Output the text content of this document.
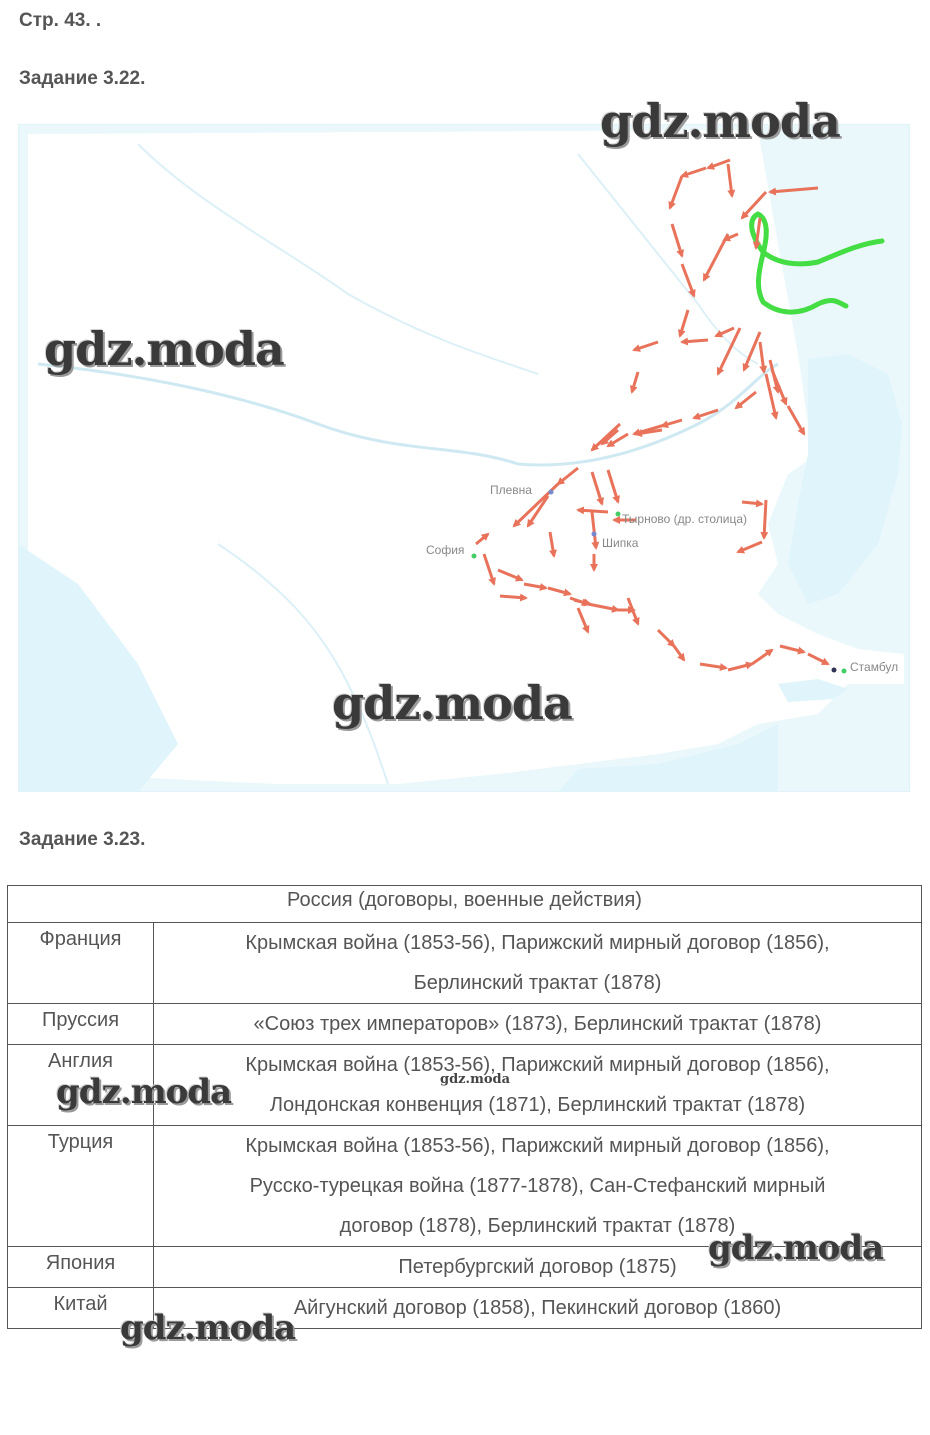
Стр. 43. .
Задание 3.22.
Плевна
Тырново (др. столица)
Шипка
София
Стамбул
gdz.moda
gdz.moda
gdz.moda
Задание 3.23.
Россия (договоры, военные действия)	
Франция	Крымская война (1853-56), Парижский мирный договор (1856),
Берлинский трактат (1878)

Пруссия	«Союз трех императоров» (1873), Берлинский трактат (1878)

Англия	Крымская война (1853-56), Парижский мирный договор (1856),
Лондонская конвенция (1871), Берлинский трактат (1878)

Турция	Крымская война (1853-56), Парижский мирный договор (1856),
Русско-турецкая война (1877-1878), Сан-Стефанский мирный
договор (1878), Берлинский трактат (1878)

Япония	Петербургский договор (1875)

Китай	Айгунский договор (1858), Пекинский договор (1860)
gdz.moda	gdz.moda
gdz.moda
gdz.moda
